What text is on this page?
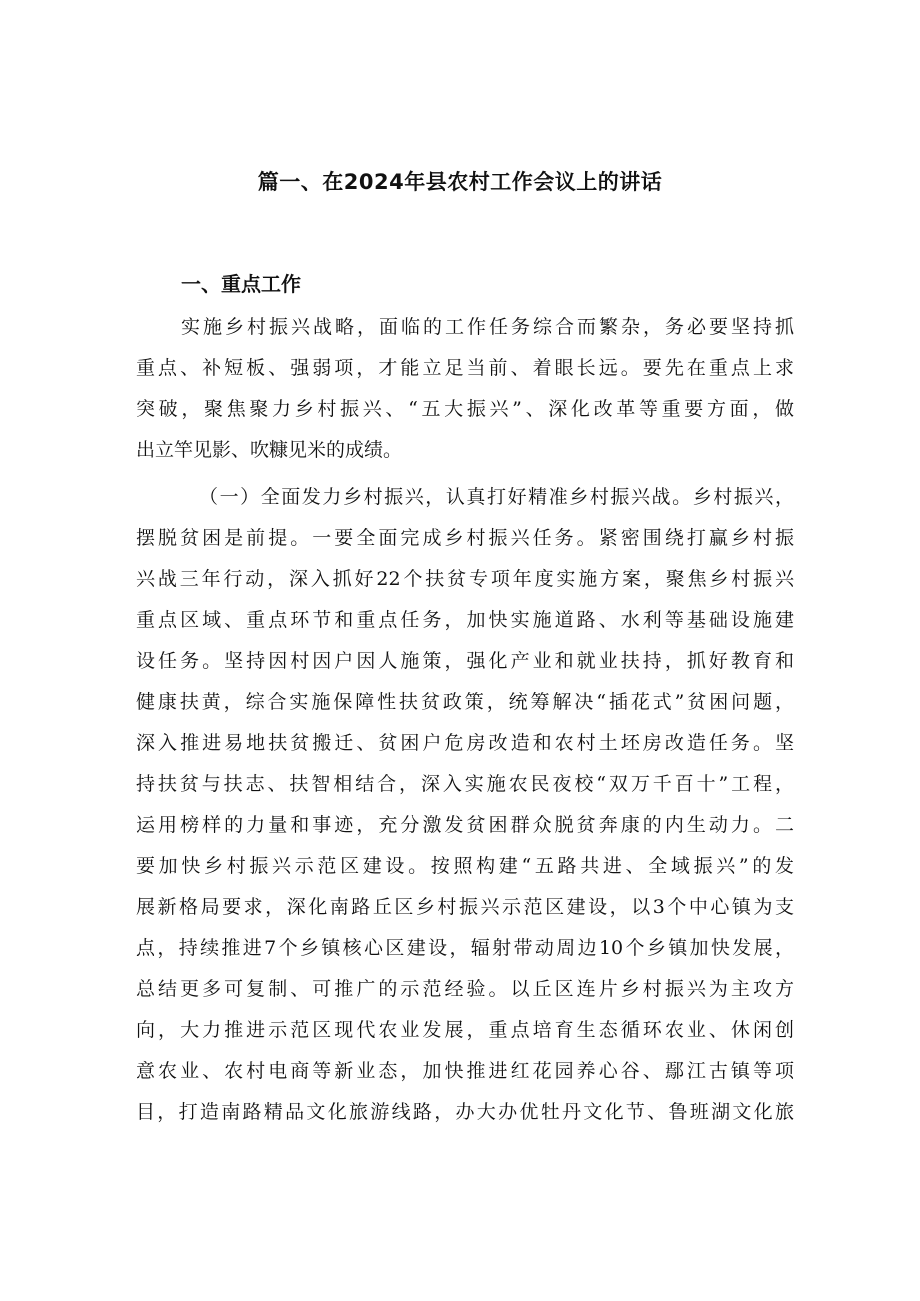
篇一、在2024年县农村工作会议上的讲话
一、重点工作
实施乡村振兴战略，面临的工作任务综合而繁杂，务必要坚持抓
重点、补短板、强弱项，才能立足当前、着眼长远。要先在重点上求
突破，聚焦聚力乡村振兴、“五大振兴”、深化改革等重要方面，做
出立竿见影、吹糠见米的成绩。
（一）全面发力乡村振兴，认真打好精准乡村振兴战。乡村振兴，
摆脱贫困是前提。一要全面完成乡村振兴任务。紧密围绕打赢乡村振
兴战三年行动，深入抓好22个扶贫专项年度实施方案，聚焦乡村振兴
重点区域、重点环节和重点任务，加快实施道路、水利等基础设施建
设任务。坚持因村因户因人施策，强化产业和就业扶持，抓好教育和
健康扶黄，综合实施保障性扶贫政策，统筹解决“插花式”贫困问题，
深入推进易地扶贫搬迁、贫困户危房改造和农村土坯房改造任务。坚
持扶贫与扶志、扶智相结合，深入实施农民夜校“双万千百十”工程，
运用榜样的力量和事迹，充分激发贫困群众脱贫奔康的内生动力。二
要加快乡村振兴示范区建设。按照构建“五路共进、全域振兴”的发
展新格局要求，深化南路丘区乡村振兴示范区建设，以3个中心镇为支
点，持续推进7个乡镇核心区建设，辐射带动周边10个乡镇加快发展，
总结更多可复制、可推广的示范经验。以丘区连片乡村振兴为主攻方
向，大力推进示范区现代农业发展，重点培育生态循环农业、休闲创
意农业、农村电商等新业态，加快推进红花园养心谷、鄢江古镇等项
目，打造南路精品文化旅游线路，办大办优牡丹文化节、鲁班湖文化旅
